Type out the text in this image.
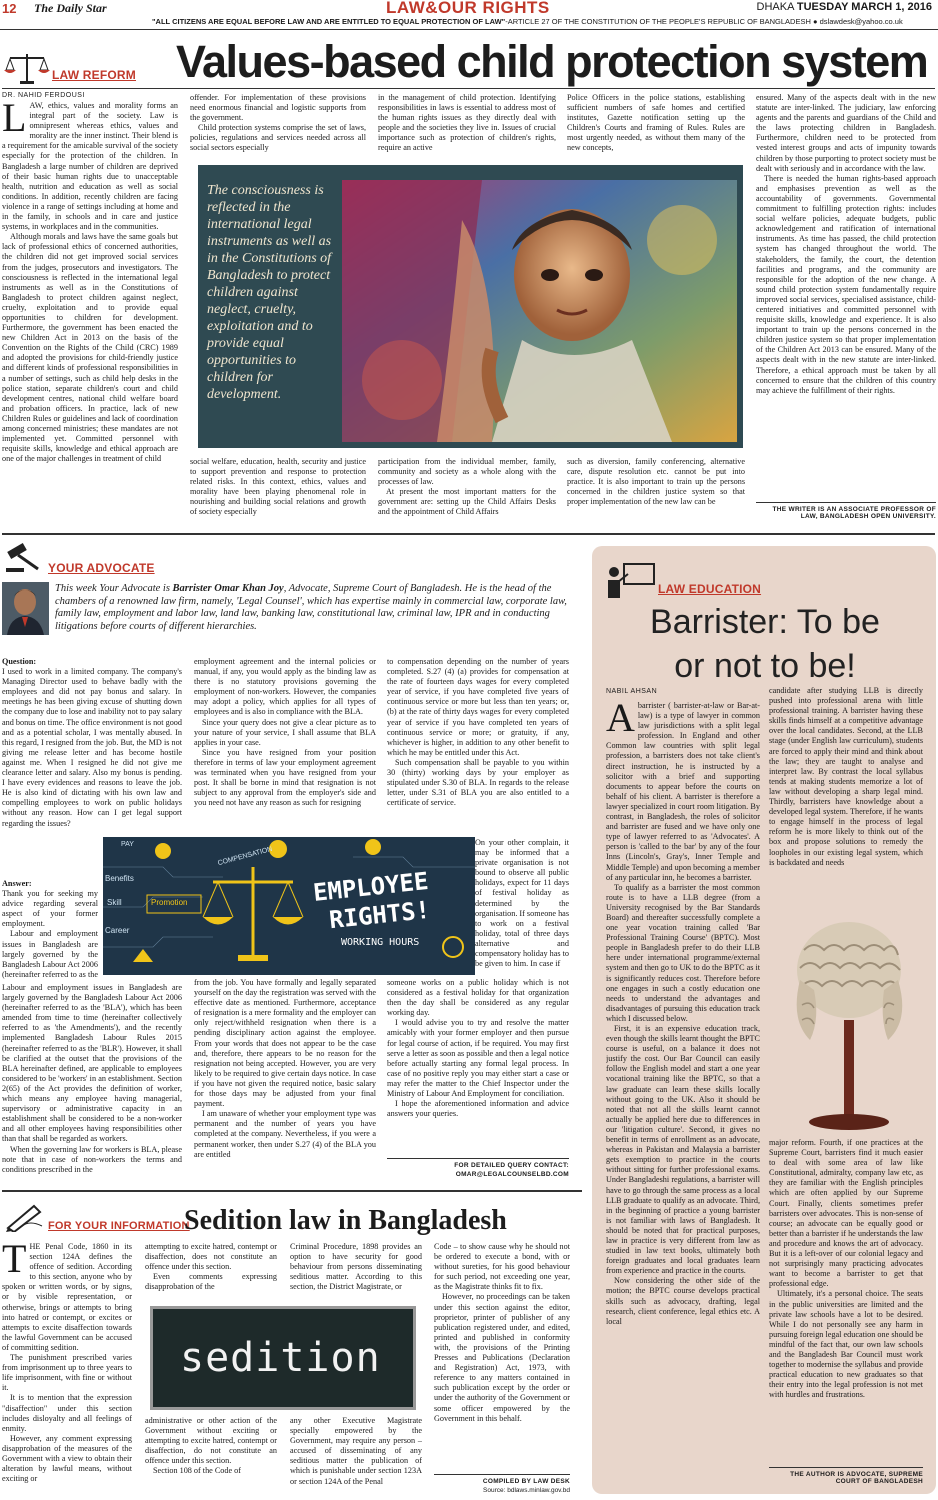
12 The Daily Star	LAW&OUR RIGHTS	DHAKA TUESDAY MARCH 1, 2016
"ALL CITIZENS ARE EQUAL BEFORE LAW AND ARE ENTITLED TO EQUAL PROTECTION OF LAW"-ARTICLE 27 OF THE CONSTITUTION OF THE PEOPLE'S REPUBLIC OF BANGLADESH ● dslawdesk@yahoo.co.uk
LAW REFORM Values-based child protection system
DR. NAHID FERDOUSI
L AW, ethics, values and morality forms an integral part of the society. Law is omnipresent whereas ethics, values and morality are the inner instinct. Their blend is a requirement for the amicable survival of the society especially for the protection of the children. In Bangladesh a large number of children are deprived of their basic human rights due to unacceptable health, nutrition and education as well as social conditions. In addition, recently children are facing violence in a range of settings including at home and in the family, in schools and in care and justice systems, in workplaces and in the communities.

Although morals and laws have the same goals but lack of professional ethics of concerned authorities, the children did not get improved social services from the judges, prosecutors and investigators. The consciousness is reflected in the international legal instruments as well as in the Constitutions of Bangladesh to protect children against neglect, cruelty, exploitation and to provide equal opportunities to children for development. Furthermore, the government has been enacted the new Children Act in 2013 on the basis of the Convention on the Rights of the Child (CRC) 1989 and adopted the provisions for child-friendly justice and different kinds of professional responsibilities in a number of settings, such as child help desks in the police station, separate children's court and child development centres, national child welfare board and probation officers. In practice, lack of new Children Rules or guidelines and lack of coordination among concerned ministries; these mandates are not implemented yet. Committed personnel with requisite skills, knowledge and ethical approach are one of the major challenges in treatment of child

offender. For implementation of these provisions need enormous financial and logistic supports from the government.

Child protection systems comprise the set of laws, policies, regulations and services needed across all social sectors especially

in the management of child protection. Identifying responsibilities in laws is essential to address most of the human rights issues as they directly deal with people and the societies they live in. Issues of crucial importance such as protection of children's rights, require an active

Police Officers in the police stations, establishing sufficient numbers of safe homes and certified institutes, Gazette notification setting up the Children's Courts and framing of Rules. Rules are most urgently needed, as without them many of the new concepts,

The consciousness is reflected in the international legal instruments as well as in the Constitutions of Bangladesh to protect children against neglect, cruelty, exploitation and to provide equal opportunities to children for development.

social welfare, education, health, security and justice to support prevention and response to protection related risks. In this context, ethics, values and morality have been playing phenomenal role in nourishing and building social relations and growth of society especially

participation from the individual member, family, community and society as a whole along with the processes of law.

At present the most important matters for the government are: setting up the Child Affairs Desks and the appointment of Child Affairs

such as diversion, family conferencing, alternative care, dispute resolution etc. cannot be put into practice. It is also important to train up the persons concerned in the children justice system so that proper implementation of the new law can be

ensured. Many of the aspects dealt with in the new statute are inter-linked. The judiciary, law enforcing agents and the parents and guardians of the Child and the laws protecting children in Bangladesh. Furthermore, children need to be protected from vested interest groups and acts of impunity towards children by those purporting to protect society must be dealt with seriously and in accordance with the law.

There is needed the human rights-based approach and emphasises prevention as well as the accountability of governments. Governmental commitment to fulfilling protection rights: includes social welfare policies, adequate budgets, public acknowledgement and ratification of international instruments. As time has passed, the child protection system has changed throughout the world. The stakeholders, the family, the court, the detention facilities and programs, and the community are responsible for the adoption of the new change. A sound child protection system fundamentally require improved social services, specialised assistance, child-centered initiatives and committed personnel with requisite skills, knowledge and experience. It is also important to train up the persons concerned in the children justice system so that proper implementation of the Children Act 2013 can be ensured. Many of the aspects dealt with in the new statute are inter-linked. Therefore, a ethical approach must be taken by all concerned to ensure that the children of this country may achieve the fulfillment of their rights.

THE WRITER IS AN ASSOCIATE PROFESSOR OF LAW, BANGLADESH OPEN UNIVERSITY.
YOUR ADVOCATE
This week Your Advocate is Barrister Omar Khan Joy, Advocate, Supreme Court of Bangladesh. He is the head of the chambers of a renowned law firm, namely, 'Legal Counsel', which has expertise mainly in commercial law, corporate law, family law, employment and labor law, land law, banking law, constitutional law, criminal law, IPR and in conducting litigations before courts of different hierarchies.

Question:

I used to work in a limited company. The company's Managing Director used to behave badly with the employees and did not pay bonus and salary. In meetings he has been giving excuse of shutting down the company due to lose and inability not to pay salary and bonus on time. The office environment is not good and as a potential scholar, I was mentally abused. In this regard, I resigned from the job. But, the MD is not giving me release letter and has become hostile against me. When I resigned he did not give me clearance letter and salary. Also my bonus is pending. I have every evidences and reasons to leave the job. He is also kind of dictating with his own law and compelling employees to work on public holidays without any reason. How can I get legal support regarding the issues?

Answer:

Thank you for seeking my advice regarding several aspect of your former employment.

Labour and employment issues in Bangladesh are largely governed by the Bangladesh Labour Act 2006 (hereinafter referred to as the

Labour and employment issues in Bangladesh are largely governed by the Bangladesh Labour Act 2006 (hereinafter referred to as the 'BLA'), which has been amended from time to time (hereinafter collectively referred to as 'the Amendments'), and the recently implemented Bangladesh Labour Rules 2015 (hereinafter referred to as the 'BLR'). However, it shall be clarified at the outset that the provisions of the BLA hereinafter defined, are applicable to employees considered to be 'workers' in an establishment. Section 2(65) of the Act provides the definition of worker, which means any employee having managerial, supervisory or administrative capacity in an establishment shall be considered to be a non-worker and all other employees having responsibilities other than that shall be regarded as workers.

When the governing law for workers is BLA, please note that in case of non-workers the terms and conditions prescribed in the

employment agreement and the internal policies or manual, if any, you would apply as the binding law as there is no statutory provisions governing the employment of non-workers. However, the companies may adopt a policy, which applies for all types of employees and is also in compliance with the BLA.

Since your query does not give a clear picture as to your nature of your service, I shall assume that BLA applies in your case.

Since you have resigned from your position therefore in terms of law your employment agreement was terminated when you have resigned from your post. It shall be borne in mind that resignation is not subject to any approval from the employer's side and you need not have any reason as such for resigning

to compensation depending on the number of years completed. S.27 (4) (a) provides for compensation at the rate of fourteen days wages for every completed year of service, if you have completed five years of continuous service or more but less than ten years; or, (b) at the rate of thirty days wages for every completed year of service if you have completed ten years of continuous service or more; or gratuity, if any, whichever is higher, in addition to any other benefit to which he may be entitled under this Act.

Such compensation shall be payable to you within 30 (thirty) working days by your employer as stipulated under S.30 of BLA. In regards to the release letter, under S.31 of BLA you are also entitled to a certificate of service.

EMPLOYEE
RIGHTS!
WORKING HOURS
Benefits
Skill	Promotion
Career
COMPENSATION
PAY	On your other complain, it may be informed that a private organisation is not bound to observe all public holidays, expect for 11 days of festival holiday as determined by the organisation. If someone has to work on a festival holiday, total of three days alternative and compensatory holiday has to be given to him. In case if

from the job. You have formally and legally separated yourself on the day the registration was served with the effective date as mentioned. Furthermore, acceptance of resignation is a mere formality and the employer can only reject/withheld resignation when there is a pending disciplinary action against the employee. From your words that does not appear to be the case and, therefore, there appears to be no reason for the resignation not being accepted. However, you are very likely to be required to give certain days notice. In case if you have not given the required notice, basic salary for those days may be adjusted from your final payment.

I am unaware of whether your employment type was permanent and the number of years you have completed at the company. Nevertheless, if you were a permanent worker, then under S.27 (4) of the BLA you are entitled

someone works on a public holiday which is not considered as a festival holiday for that organization then the day shall be considered as any regular working day.

I would advise you to try and resolve the matter amicably with your former employer and then pursue for legal course of action, if be required. You may first serve a letter as soon as possible and then a legal notice before actually starting any formal legal process. In case of no positive reply you may either start a case or may refer the matter to the Chief Inspector under the Ministry of Labour And Employment for conciliation.

I hope the aforementioned information and advice answers your queries.

FOR DETAILED QUERY CONTACT:
OMAR@LEGALCOUNSELBD.COM
FOR YOUR INFORMATION
Sedition law in Bangladesh
T HE Penal Code, 1860 in its section 124A defines the offence of sedition. According to this section, anyone who by spoken or written words, or by signs, or by visible representation, or otherwise, brings or attempts to bring into hatred or contempt, or excites or attempts to excite disaffection towards the lawful Government can be accused of committing sedition.

The punishment prescribed varies from imprisonment up to three years to life imprisonment, with fine or without it.

It is to mention that the expression "disaffection" under this section includes disloyalty and all feelings of enmity.

However, any comment expressing disapprobation of the measures of the Government with a view to obtain their alteration by lawful means, without exciting or

attempting to excite hatred, contempt or disaffection, does not constitute an offence under this section.

Even comments expressing disapprobation of the

Criminal Procedure, 1898 provides an option to have security for good behaviour from persons disseminating seditious matter. According to this section, the District Magistrate, or

sedition

administrative or other action of the Government without exciting or attempting to excite hatred, contempt or disaffection, do not constitute an offence under this section.

Section 108 of the Code of

any other Executive Magistrate specially empowered by the Government, may require any person – accused of disseminating of any seditious matter the publication of which is punishable under section 123A or section 124A of the Penal

Code – to show cause why he should not be ordered to execute a bond, with or without sureties, for his good behaviour for such period, not exceeding one year, as the Magistrate thinks fit to fix.

However, no proceedings can be taken under this section against the editor, proprietor, printer of publisher of any publication registered under, and edited, printed and published in conformity with, the provisions of the Printing Presses and Publications (Declaration and Registration) Act, 1973, with reference to any matters contained in such publication except by the order or under the authority of the Government or some officer empowered by the Government in this behalf.

COMPILED BY LAW DESK
Source: bdlaws.minlaw.gov.bd
LAW EDUCATION
Barrister: To be
or not to be!
NABIL AHSAN
A barrister ( barrister-at-law or Bar-at-law) is a type of lawyer in common law jurisdictions with a split legal profession. In England and other Common law countries with split legal profession, a barristers does not take client's direct instruction, he is instructed by a solicitor with a brief and supporting documents to appear before the courts on behalf of his client. A barrister is therefore a lawyer specialized in court room litigation. By contrast, in Bangladesh, the roles of solicitor and barrister are fused and we have only one type of lawyer referred to as 'Advocates'. A person is 'called to the bar' by any of the four Inns (Lincoln's, Gray's, Inner Temple and Middle Temple) and upon becoming a member of any particular inn, he becomes a barrister.

To qualify as a barrister the most common route is to have a LLB degree (from a University recognised by the Bar Standards Board) and thereafter successfully complete a one year vocation training called 'Bar Professional Training Course' (BPTC). Most people in Bangladesh prefer to do their LLB here under international programme/external system and then go to UK to do the BPTC as it is significantly reduces cost. Therefore before one engages in such a costly education one needs to understand the advantages and disadvantages of pursuing this education track which I discussed below.

First, it is an expensive education track, even though the skills learnt thought the BPTC course is useful, on a balance it does not justify the cost. Our Bar Council can easily follow the English model and start a one year vocational training like the BPTC, so that a law graduate can learn these skills locally without going to the UK. Also it should be noted that not all the skills learnt cannot actually be applied here due to differences in our 'litigation culture'. Second, it gives no benefit in terms of enrollment as an advocate, whereas in Pakistan and Malaysia a barrister gets exemption to practice in the courts without sitting for further professional exams. Under Bangladeshi regulations, a barrister will have to go through the same process as a local LLB graduate to qualify as an advocate. Third, in the beginning of practice a young barrister is not familiar with laws of Bangladesh. It should be noted that for practical purposes, law in practice is very different from law as studied in law text books, ultimately both foreign graduates and local graduates learn from experience and practice in the courts.

Now considering the other side of the motion; the BPTC course develops practical skills such as advocacy, drafting, legal research, client conference, legal ethics etc. A local

candidate after studying LLB is directly pushed into professional arena with little professional training. A barrister having these skills finds himself at a competitive advantage over the local candidates. Second, at the LLB stage (under English law curriculum), students are forced to apply their mind and think about the law; they are taught to analyse and interpret law. By contrast the local syllabus tends at making students memorize a lot of law without developing a sharp legal mind. Thirdly, barristers have knowledge about a developed legal system. Therefore, if he wants to engage himself in the process of legal reform he is more likely to think out of the box and propose solutions to remedy the loopholes in our existing legal system, which is backdated and needs

major reform. Fourth, if one practices at the Supreme Court, barristers find it much easier to deal with some area of law like Constitutional, admiralty, company law etc, as they are familiar with the English principles which are often applied by our Supreme Court. Finally, clients sometimes prefer barristers over advocates. This is non-sense of course; an advocate can be equally good or better than a barrister if he understands the law and procedure and knows the art of advocacy. But it is a left-over of our colonial legacy and not surprisingly many practicing advocates want to become a barrister to get that professional edge.

Ultimately, it's a personal choice. The seats in the public universities are limited and the private law schools have a lot to be desired. While I do not personally see any harm in pursuing foreign legal education one should be mindful of the fact that, our own law schools and the Bangladesh Bar Council must work together to modernise the syllabus and provide practical education to new graduates so that their entry into the legal profession is not met with hurdles and frustrations.

THE AUTHOR IS ADVOCATE, SUPREME COURT OF BANGLADESH
